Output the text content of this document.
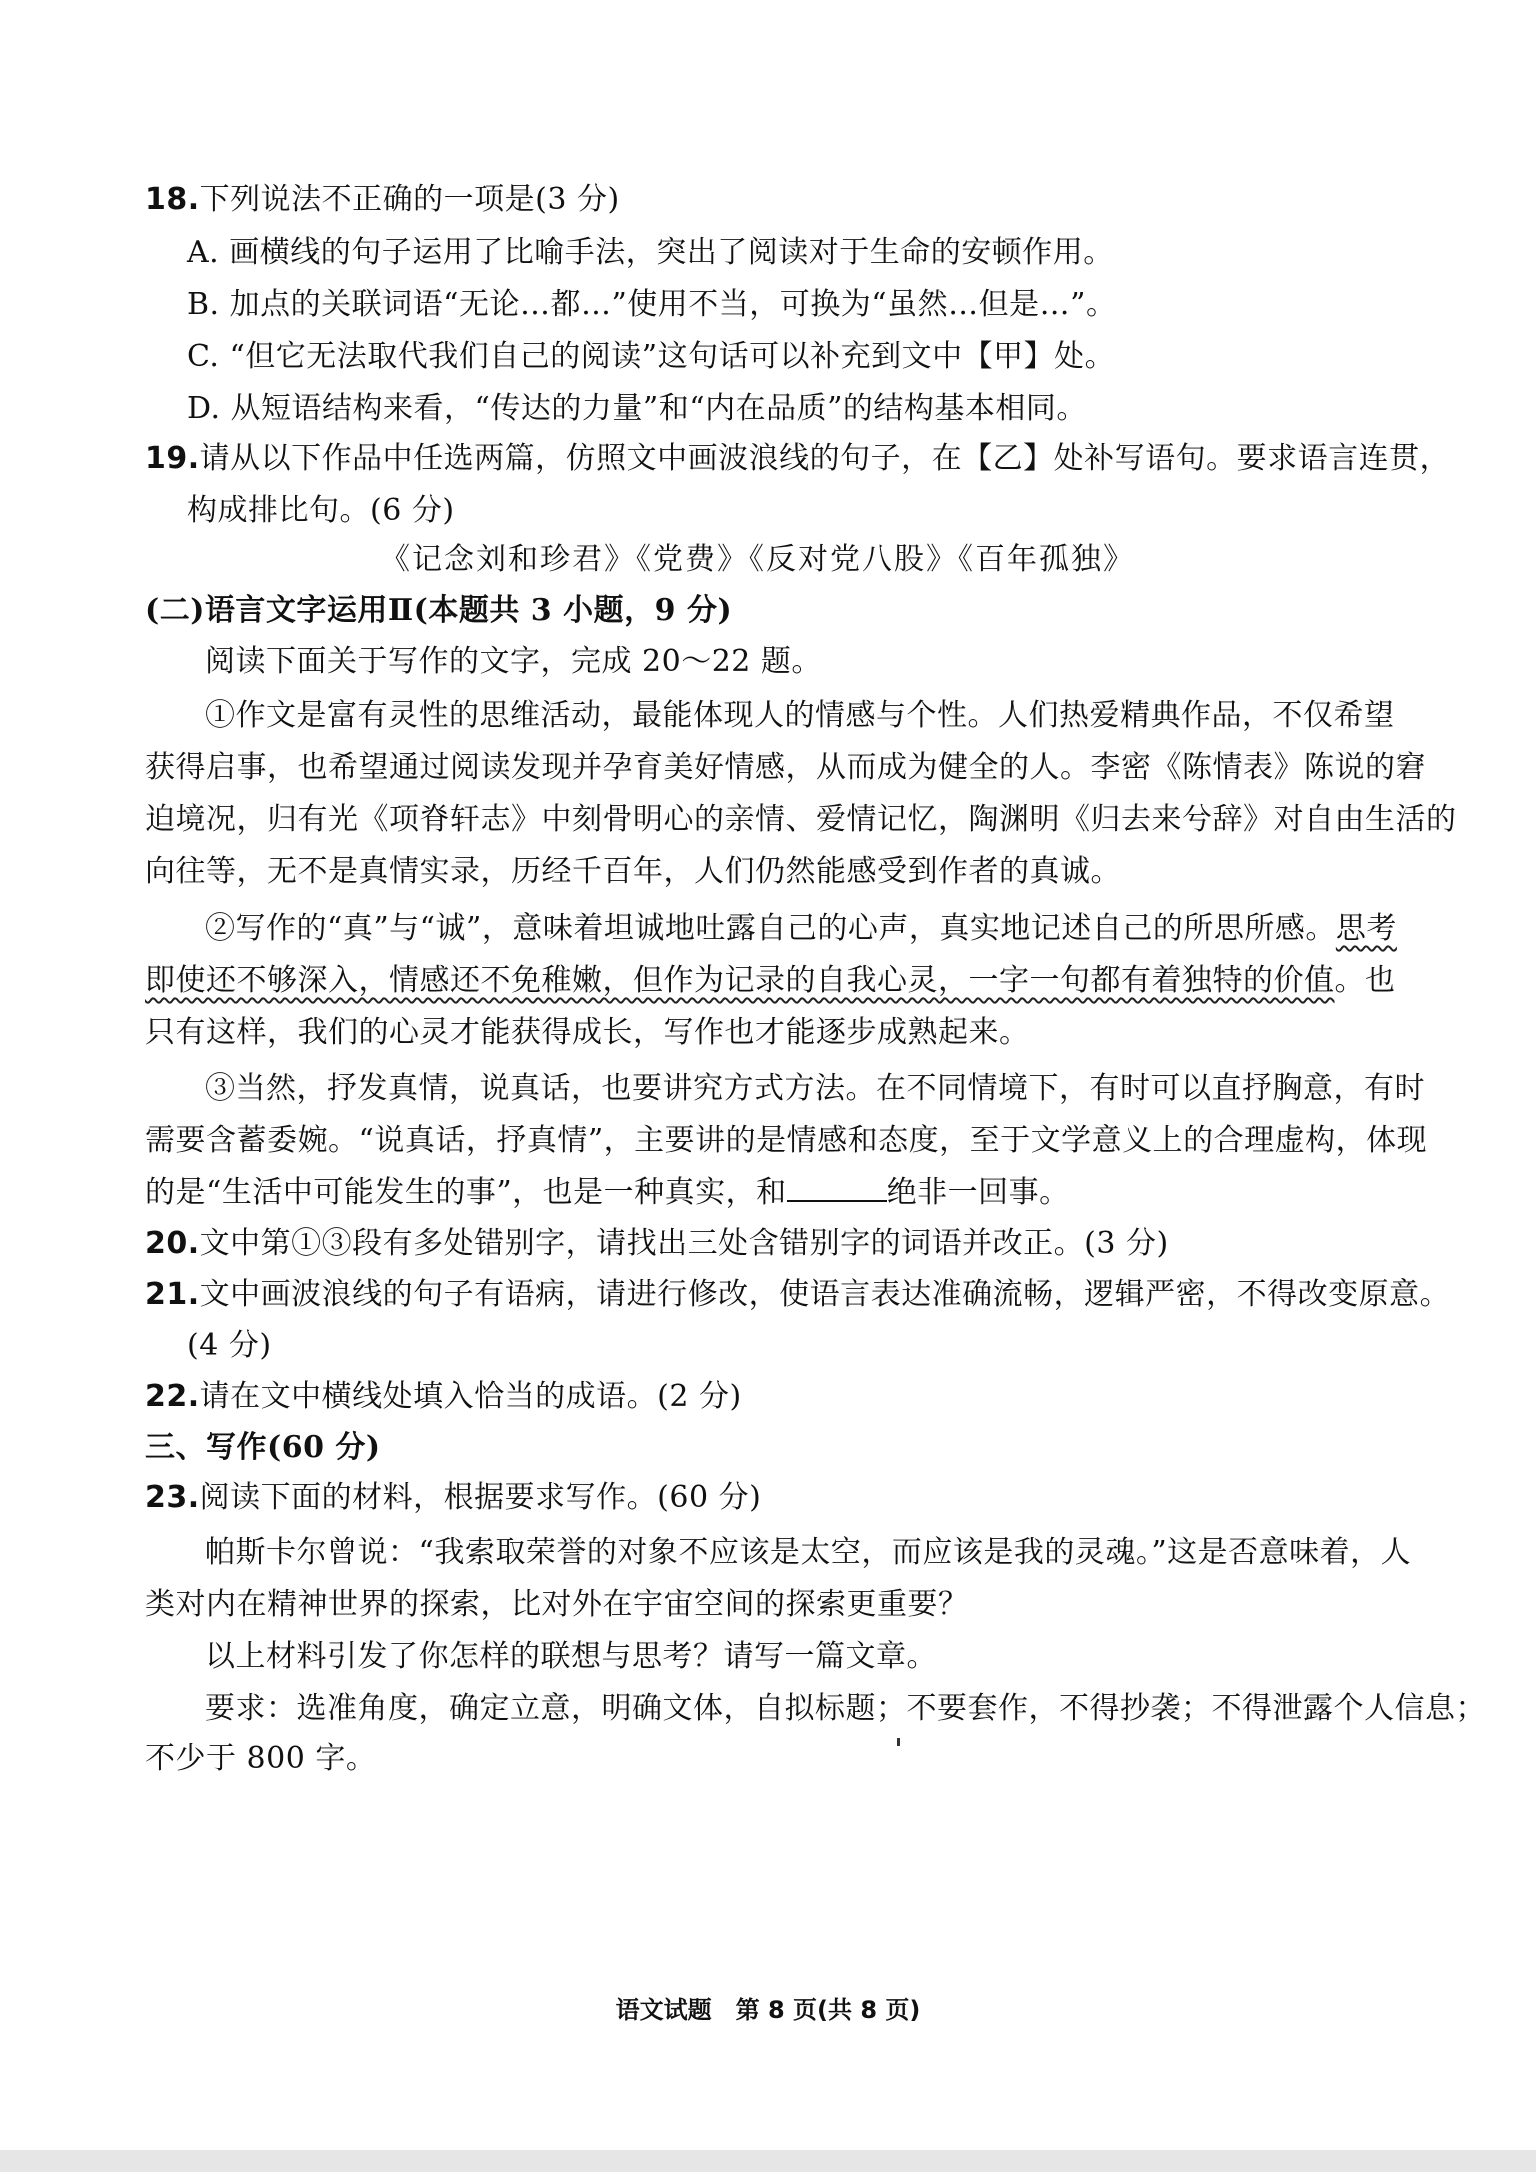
18.下列说法不正确的一项是(3 分)
A. 画横线的句子运用了比喻手法，突出了阅读对于生命的安顿作用。
B. 加点的关联词语“无论…都…”使用不当，可换为“虽然…但是…”。
C. “但它无法取代我们自己的阅读”这句话可以补充到文中【甲】处。
D. 从短语结构来看，“传达的力量”和“内在品质”的结构基本相同。
19.请从以下作品中任选两篇，仿照文中画波浪线的句子，在【乙】处补写语句。要求语言连贯，
构成排比句。(6 分)
《记念刘和珍君》《党费》《反对党八股》《百年孤独》
(二)语言文字运用Ⅱ(本题共 3 小题，9 分)
阅读下面关于写作的文字，完成 20～22 题。
①作文是富有灵性的思维活动，最能体现人的情感与个性。人们热爱精典作品，不仅希望
获得启事，也希望通过阅读发现并孕育美好情感，从而成为健全的人。李密《陈情表》陈说的窘
迫境况，归有光《项脊轩志》中刻骨明心的亲情、爱情记忆，陶渊明《归去来兮辞》对自由生活的
向往等，无不是真情实录，历经千百年，人们仍然能感受到作者的真诚。
②写作的“真”与“诚”，意味着坦诚地吐露自己的心声，真实地记述自己的所思所感。思考
即使还不够深入，情感还不免稚嫩，但作为记录的自我心灵，一字一句都有着独特的价值。也
只有这样，我们的心灵才能获得成长，写作也才能逐步成熟起来。
③当然，抒发真情，说真话，也要讲究方式方法。在不同情境下，有时可以直抒胸意，有时
需要含蓄委婉。“说真话，抒真情”，主要讲的是情感和态度，至于文学意义上的合理虚构，体现
的是“生活中可能发生的事”，也是一种真实，和	绝非一回事。
20.文中第①③段有多处错别字，请找出三处含错别字的词语并改正。(3 分)
21.文中画波浪线的句子有语病，请进行修改，使语言表达准确流畅，逻辑严密，不得改变原意。
(4 分)
22.请在文中横线处填入恰当的成语。(2 分)
三、写作(60 分)
23.阅读下面的材料，根据要求写作。(60 分)
帕斯卡尔曾说：“我索取荣誉的对象不应该是太空，而应该是我的灵魂。”这是否意味着，人
类对内在精神世界的探索，比对外在宇宙空间的探索更重要？
以上材料引发了你怎样的联想与思考？请写一篇文章。
要求：选准角度，确定立意，明确文体，自拟标题；不要套作，不得抄袭；不得泄露个人信息；
不少于 800 字。
语文试题　第 8 页(共 8 页)
